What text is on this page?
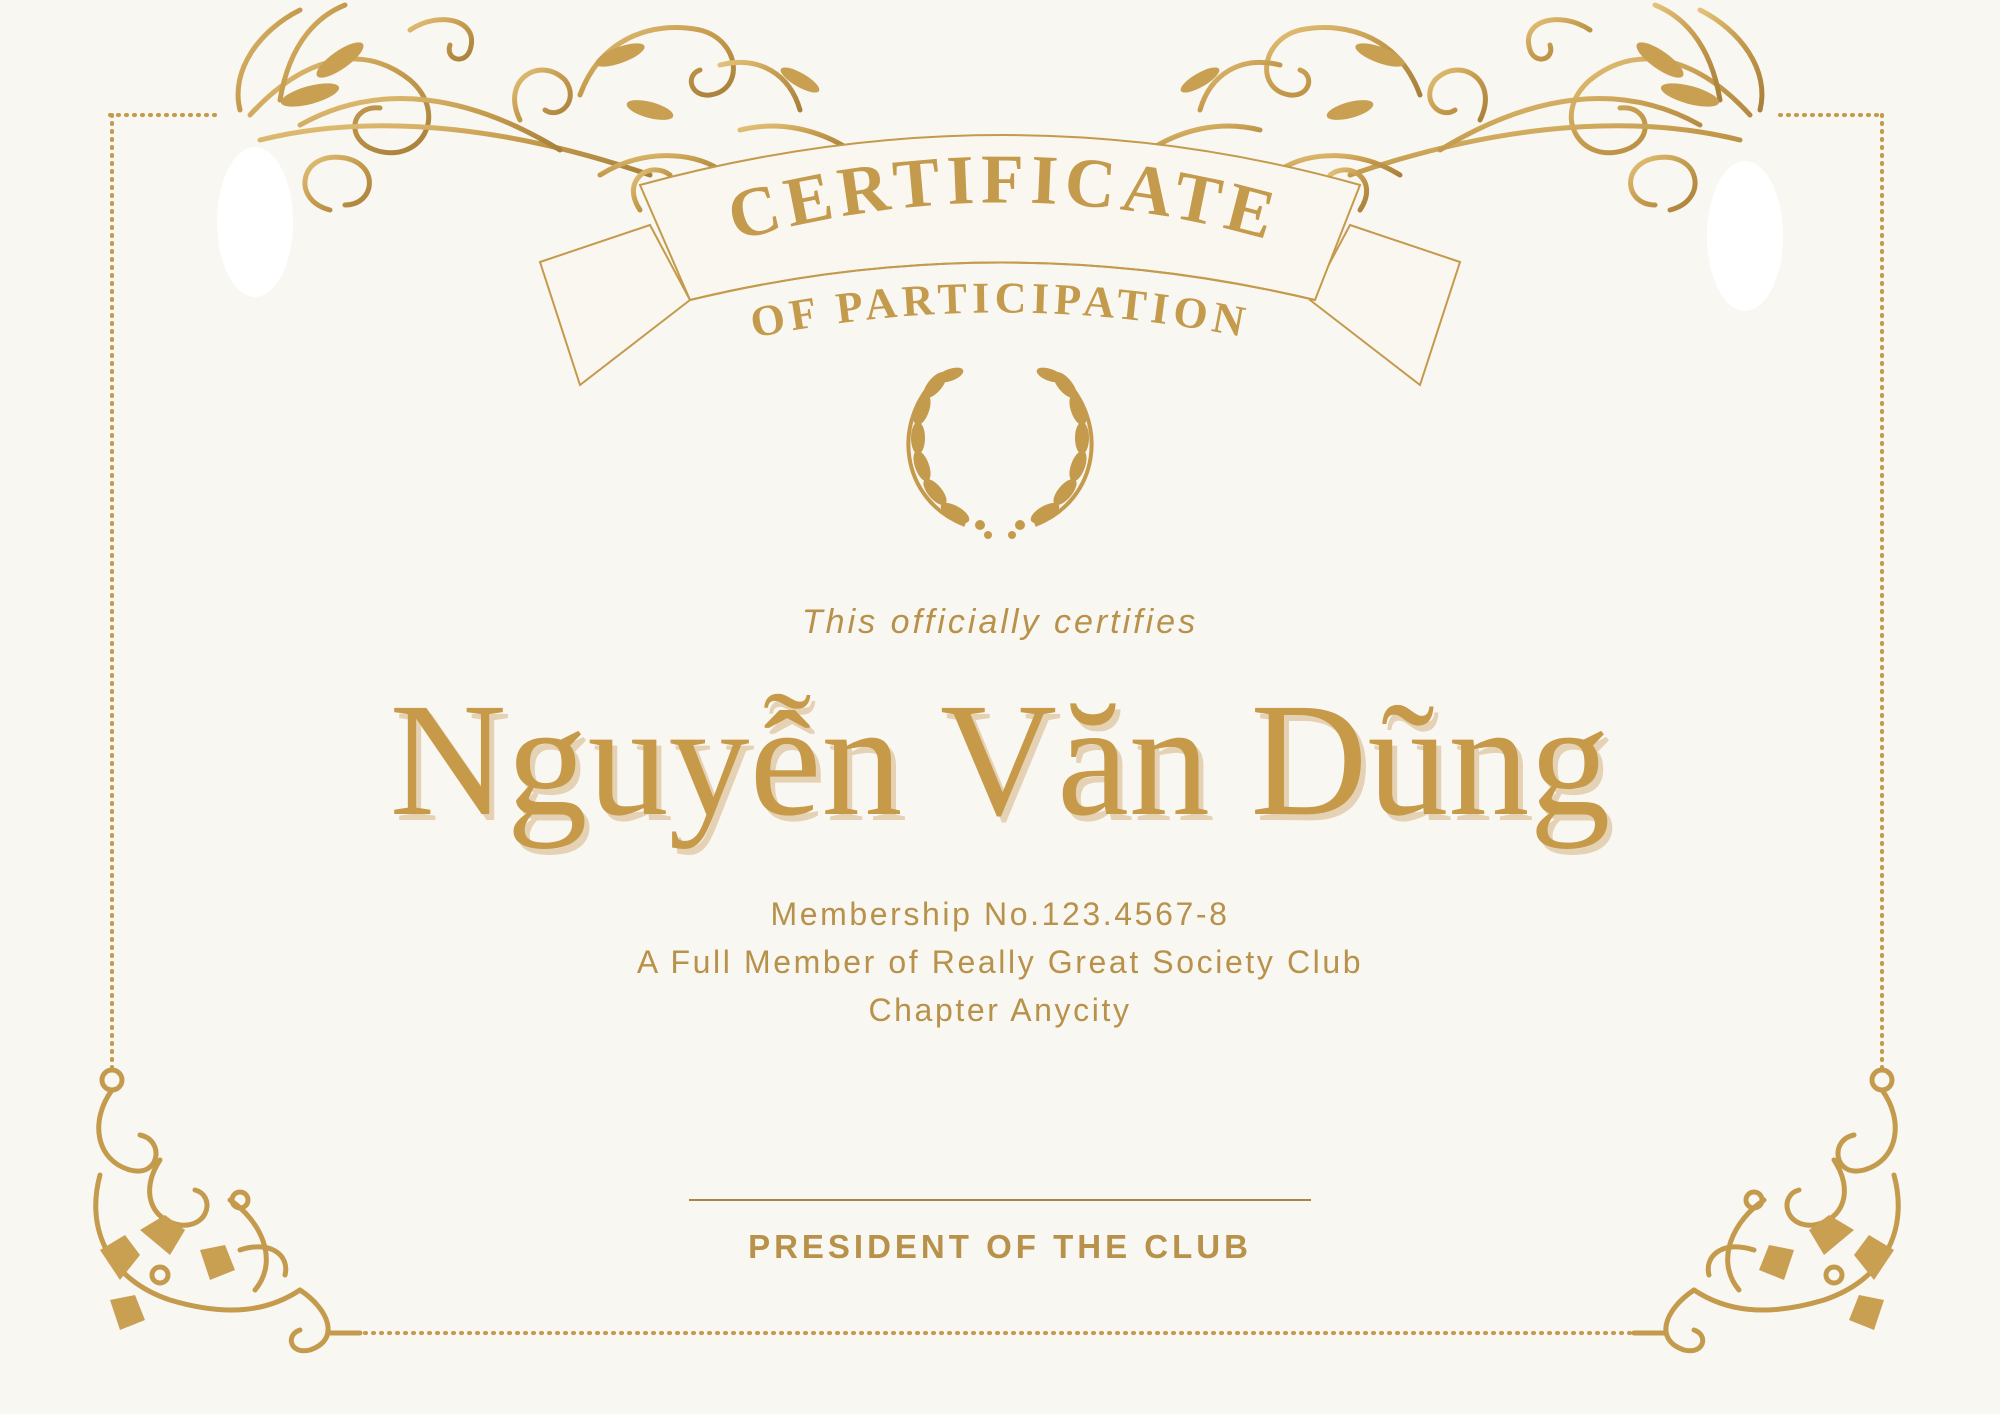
CERTIFICATE
OF PARTICIPATION
This officially certifies
Nguyễn Văn Dũng
Membership No.123.4567-8
A Full Member of Really Great Society Club
Chapter Anycity
PRESIDENT OF THE CLUB
